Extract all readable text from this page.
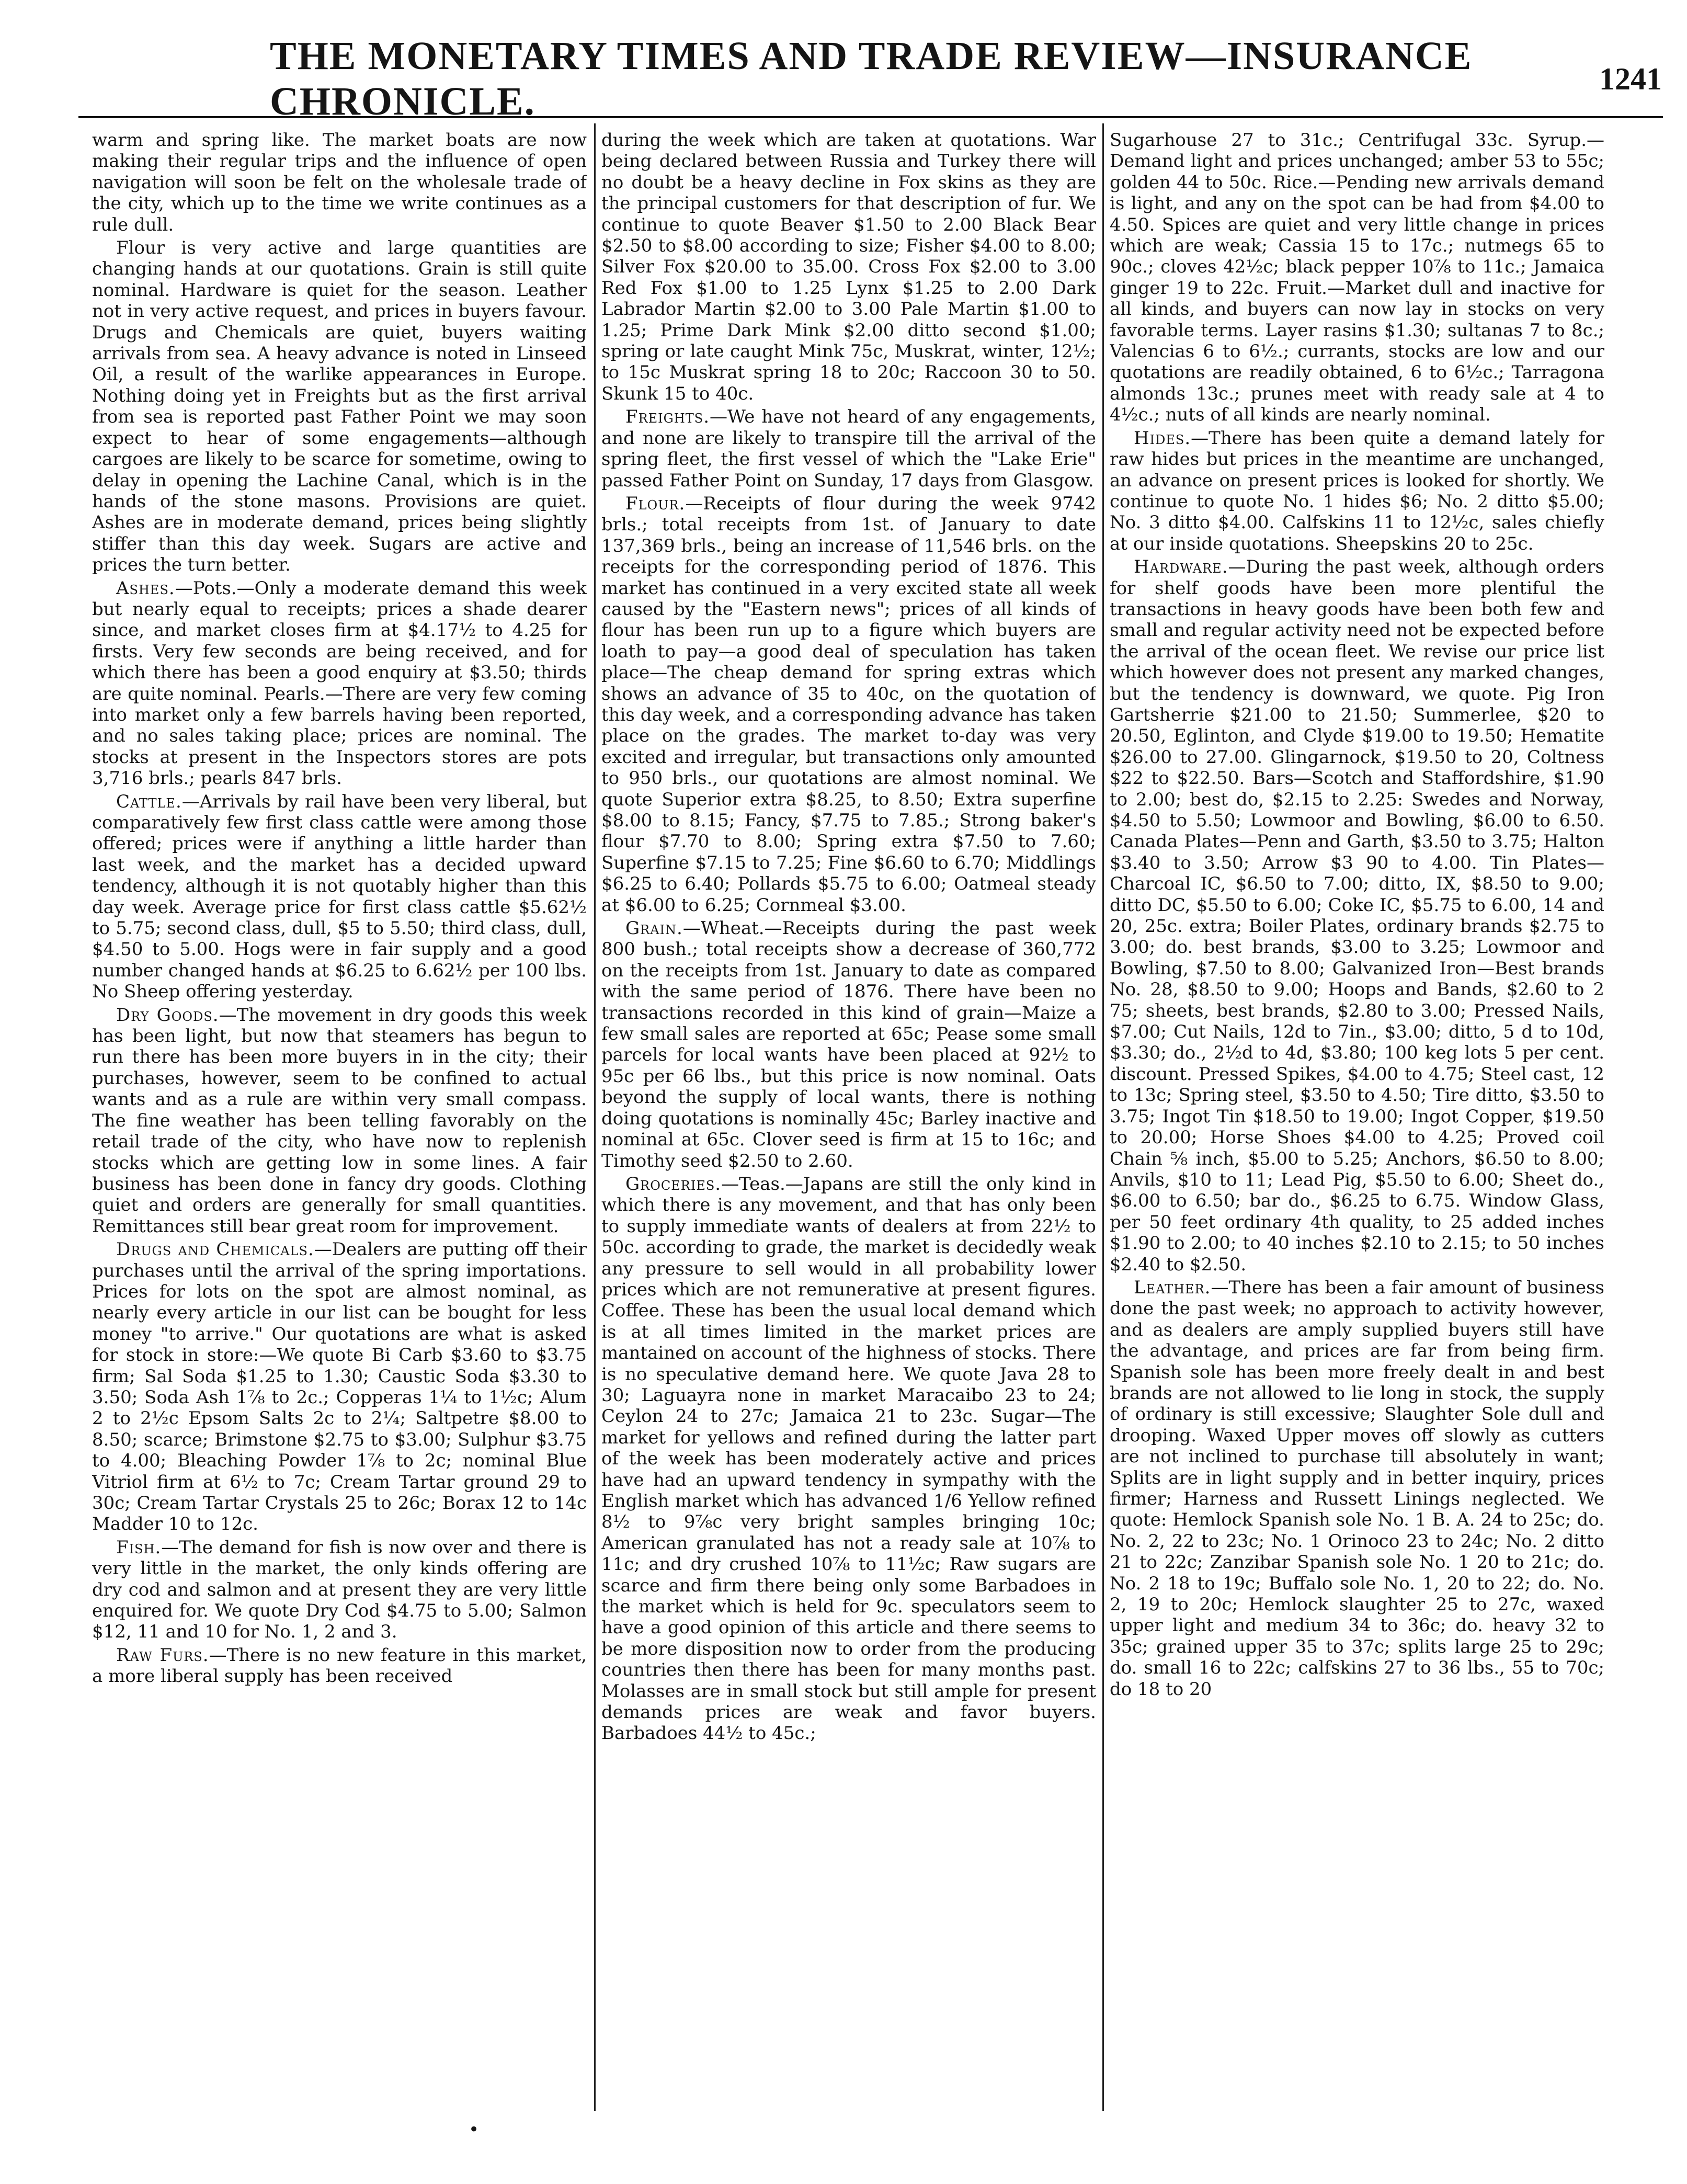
THE MONETARY TIMES AND TRADE REVIEW—INSURANCE CHRONICLE.
1241

warm and spring like. The market boats are now making their regular trips and the influence of open navigation will soon be felt on the wholesale trade of the city, which up to the time we write continues as a rule dull.

Flour is very active and large quantities are changing hands at our quotations. Grain is still quite nominal. Hardware is quiet for the season. Leather not in very active request, and prices in buyers favour. Drugs and Chemicals are quiet, buyers waiting arrivals from sea. A heavy advance is noted in Linseed Oil, a result of the warlike appearances in Europe. Nothing doing yet in Freights but as the first arrival from sea is reported past Father Point we may soon expect to hear of some engagements—although cargoes are likely to be scarce for sometime, owing to delay in opening the Lachine Canal, which is in the hands of the stone masons. Provisions are quiet. Ashes are in moderate demand, prices being slightly stiffer than this day week. Sugars are active and prices the turn better.

Ashes.—Pots.—Only a moderate demand this week but nearly equal to receipts; prices a shade dearer since, and market closes firm at $4.17½ to 4.25 for firsts. Very few seconds are being received, and for which there has been a good enquiry at $3.50; thirds are quite nominal. Pearls.—There are very few coming into market only a few barrels having been reported, and no sales taking place; prices are nominal. The stocks at present in the Inspectors stores are pots 3,716 brls.; pearls 847 brls.

Cattle.—Arrivals by rail have been very liberal, but comparatively few first class cattle were among those offered; prices were if anything a little harder than last week, and the market has a decided upward tendency, although it is not quotably higher than this day week. Average price for first class cattle $5.62½ to 5.75; second class, dull, $5 to 5.50; third class, dull, $4.50 to 5.00. Hogs were in fair supply and a good number changed hands at $6.25 to 6.62½ per 100 lbs. No Sheep offering yesterday.

Dry Goods.—The movement in dry goods this week has been light, but now that steamers has begun to run there has been more buyers in in the city; their purchases, however, seem to be confined to actual wants and as a rule are within very small compass. The fine weather has been telling favorably on the retail trade of the city, who have now to replenish stocks which are getting low in some lines. A fair business has been done in fancy dry goods. Clothing quiet and orders are generally for small quantities. Remittances still bear great room for improvement.

Drugs and Chemicals.—Dealers are putting off their purchases until the arrival of the spring importations. Prices for lots on the spot are almost nominal, as nearly every article in our list can be bought for less money "to arrive." Our quotations are what is asked for stock in store:—We quote Bi Carb $3.60 to $3.75 firm; Sal Soda $1.25 to 1.30; Caustic Soda $3.30 to 3.50; Soda Ash 1⅞ to 2c.; Copperas 1¼ to 1½c; Alum 2 to 2½c Epsom Salts 2c to 2¼; Saltpetre $8.00 to 8.50; scarce; Brimstone $2.75 to $3.00; Sulphur $3.75 to 4.00; Bleaching Powder 1⅞ to 2c; nominal Blue Vitriol firm at 6½ to 7c; Cream Tartar ground 29 to 30c; Cream Tartar Crystals 25 to 26c; Borax 12 to 14c Madder 10 to 12c.

Fish.—The demand for fish is now over and there is very little in the market, the only kinds offering are dry cod and salmon and at present they are very little enquired for. We quote Dry Cod $4.75 to 5.00; Salmon $12, 11 and 10 for No. 1, 2 and 3.

Raw Furs.—There is no new feature in this market, a more liberal supply has been received

during the week which are taken at quotations. War being declared between Russia and Turkey there will no doubt be a heavy decline in Fox skins as they are the principal customers for that description of fur. We continue to quote Beaver $1.50 to 2.00 Black Bear $2.50 to $8.00 according to size; Fisher $4.00 to 8.00; Silver Fox $20.00 to 35.00. Cross Fox $2.00 to 3.00 Red Fox $1.00 to 1.25 Lynx $1.25 to 2.00 Dark Labrador Martin $2.00 to 3.00 Pale Martin $1.00 to 1.25; Prime Dark Mink $2.00 ditto second $1.00; spring or late caught Mink 75c, Muskrat, winter, 12½; to 15c Muskrat spring 18 to 20c; Raccoon 30 to 50. Skunk 15 to 40c.

Freights.—We have not heard of any engagements, and none are likely to transpire till the arrival of the spring fleet, the first vessel of which the "Lake Erie" passed Father Point on Sunday, 17 days from Glasgow.

Flour.—Receipts of flour during the week 9742 brls.; total receipts from 1st. of January to date 137,369 brls., being an increase of 11,546 brls. on the receipts for the corresponding period of 1876. This market has continued in a very excited state all week caused by the "Eastern news"; prices of all kinds of flour has been run up to a figure which buyers are loath to pay—a good deal of speculation has taken place—The cheap demand for spring extras which shows an advance of 35 to 40c, on the quotation of this day week, and a corresponding advance has taken place on the grades. The market to-day was very excited and irregular, but transactions only amounted to 950 brls., our quotations are almost nominal. We quote Superior extra $8.25, to 8.50; Extra superfine $8.00 to 8.15; Fancy, $7.75 to 7.85.; Strong baker's flour $7.70 to 8.00; Spring extra $7.50 to 7.60; Superfine $7.15 to 7.25; Fine $6.60 to 6.70; Middlings $6.25 to 6.40; Pollards $5.75 to 6.00; Oatmeal steady at $6.00 to 6.25; Cornmeal $3.00.

Grain.—Wheat.—Receipts during the past week 800 bush.; total receipts show a decrease of 360,772 on the receipts from 1st. January to date as compared with the same period of 1876. There have been no transactions recorded in this kind of grain—Maize a few small sales are reported at 65c; Pease some small parcels for local wants have been placed at 92½ to 95c per 66 lbs., but this price is now nominal. Oats beyond the supply of local wants, there is nothing doing quotations is nominally 45c; Barley inactive and nominal at 65c. Clover seed is firm at 15 to 16c; and Timothy seed $2.50 to 2.60.

Groceries.—Teas.—Japans are still the only kind in which there is any movement, and that has only been to supply immediate wants of dealers at from 22½ to 50c. according to grade, the market is decidedly weak any pressure to sell would in all probability lower prices which are not remunerative at present figures. Coffee. These has been the usual local demand which is at all times limited in the market prices are mantained on account of the highness of stocks. There is no speculative demand here. We quote Java 28 to 30; Laguayra none in market Maracaibo 23 to 24; Ceylon 24 to 27c; Jamaica 21 to 23c. Sugar—The market for yellows and refined during the latter part of the week has been moderately active and prices have had an upward tendency in sympathy with the English market which has advanced 1/6 Yellow refined 8½ to 9⅞c very bright samples bringing 10c; American granulated has not a ready sale at 10⅞ to 11c; and dry crushed 10⅞ to 11½c; Raw sugars are scarce and firm there being only some Barbadoes in the market which is held for 9c. speculators seem to have a good opinion of this article and there seems to be more disposition now to order from the producing countries then there has been for many months past. Molasses are in small stock but still ample for present demands prices are weak and favor buyers. Barbadoes 44½ to 45c.;

Sugarhouse 27 to 31c.; Centrifugal 33c. Syrup.—Demand light and prices unchanged; amber 53 to 55c; golden 44 to 50c. Rice.—Pending new arrivals demand is light, and any on the spot can be had from $4.00 to 4.50. Spices are quiet and very little change in prices which are weak; Cassia 15 to 17c.; nutmegs 65 to 90c.; cloves 42½c; black pepper 10⅞ to 11c.; Jamaica ginger 19 to 22c. Fruit.—Market dull and inactive for all kinds, and buyers can now lay in stocks on very favorable terms. Layer rasins $1.30; sultanas 7 to 8c.; Valencias 6 to 6½.; currants, stocks are low and our quotations are readily obtained, 6 to 6½c.; Tarragona almonds 13c.; prunes meet with ready sale at 4 to 4½c.; nuts of all kinds are nearly nominal.

Hides.—There has been quite a demand lately for raw hides but prices in the meantime are unchanged, an advance on present prices is looked for shortly. We continue to quote No. 1 hides $6; No. 2 ditto $5.00; No. 3 ditto $4.00. Calfskins 11 to 12½c, sales chiefly at our inside quotations. Sheepskins 20 to 25c.

Hardware.—During the past week, although orders for shelf goods have been more plentiful the transactions in heavy goods have been both few and small and regular activity need not be expected before the arrival of the ocean fleet. We revise our price list which however does not present any marked changes, but the tendency is downward, we quote. Pig Iron Gartsherrie $21.00 to 21.50; Summerlee, $20 to 20.50, Eglinton, and Clyde $19.00 to 19.50; Hematite $26.00 to 27.00. Glingarnock, $19.50 to 20, Coltness $22 to $22.50. Bars—Scotch and Staffordshire, $1.90 to 2.00; best do, $2.15 to 2.25: Swedes and Norway, $4.50 to 5.50; Lowmoor and Bowling, $6.00 to 6.50. Canada Plates—Penn and Garth, $3.50 to 3.75; Halton $3.40 to 3.50; Arrow $3 90 to 4.00. Tin Plates—Charcoal IC, $6.50 to 7.00; ditto, IX, $8.50 to 9.00; ditto DC, $5.50 to 6.00; Coke IC, $5.75 to 6.00, 14 and 20, 25c. extra; Boiler Plates, ordinary brands $2.75 to 3.00; do. best brands, $3.00 to 3.25; Lowmoor and Bowling, $7.50 to 8.00; Galvanized Iron—Best brands No. 28, $8.50 to 9.00; Hoops and Bands, $2.60 to 2 75; sheets, best brands, $2.80 to 3.00; Pressed Nails, $7.00; Cut Nails, 12d to 7in., $3.00; ditto, 5 d to 10d, $3.30; do., 2½d to 4d, $3.80; 100 keg lots 5 per cent. discount. Pressed Spikes, $4.00 to 4.75; Steel cast, 12 to 13c; Spring steel, $3.50 to 4.50; Tire ditto, $3.50 to 3.75; Ingot Tin $18.50 to 19.00; Ingot Copper, $19.50 to 20.00; Horse Shoes $4.00 to 4.25; Proved coil Chain ⅝ inch, $5.00 to 5.25; Anchors, $6.50 to 8.00; Anvils, $10 to 11; Lead Pig, $5.50 to 6.00; Sheet do., $6.00 to 6.50; bar do., $6.25 to 6.75. Window Glass, per 50 feet ordinary 4th quality, to 25 added inches $1.90 to 2.00; to 40 inches $2.10 to 2.15; to 50 inches $2.40 to $2.50.

Leather.—There has been a fair amount of business done the past week; no approach to activity however, and as dealers are amply supplied buyers still have the advantage, and prices are far from being firm. Spanish sole has been more freely dealt in and best brands are not allowed to lie long in stock, the supply of ordinary is still excessive; Slaughter Sole dull and drooping. Waxed Upper moves off slowly as cutters are not inclined to purchase till absolutely in want; Splits are in light supply and in better inquiry, prices firmer; Harness and Russett Linings neglected. We quote: Hemlock Spanish sole No. 1 B. A. 24 to 25c; do. No. 2, 22 to 23c; No. 1 Orinoco 23 to 24c; No. 2 ditto 21 to 22c; Zanzibar Spanish sole No. 1 20 to 21c; do. No. 2 18 to 19c; Buffalo sole No. 1, 20 to 22; do. No. 2, 19 to 20c; Hemlock slaughter 25 to 27c, waxed upper light and medium 34 to 36c; do. heavy 32 to 35c; grained upper 35 to 37c; splits large 25 to 29c; do. small 16 to 22c; calfskins 27 to 36 lbs., 55 to 70c; do 18 to 20

•
